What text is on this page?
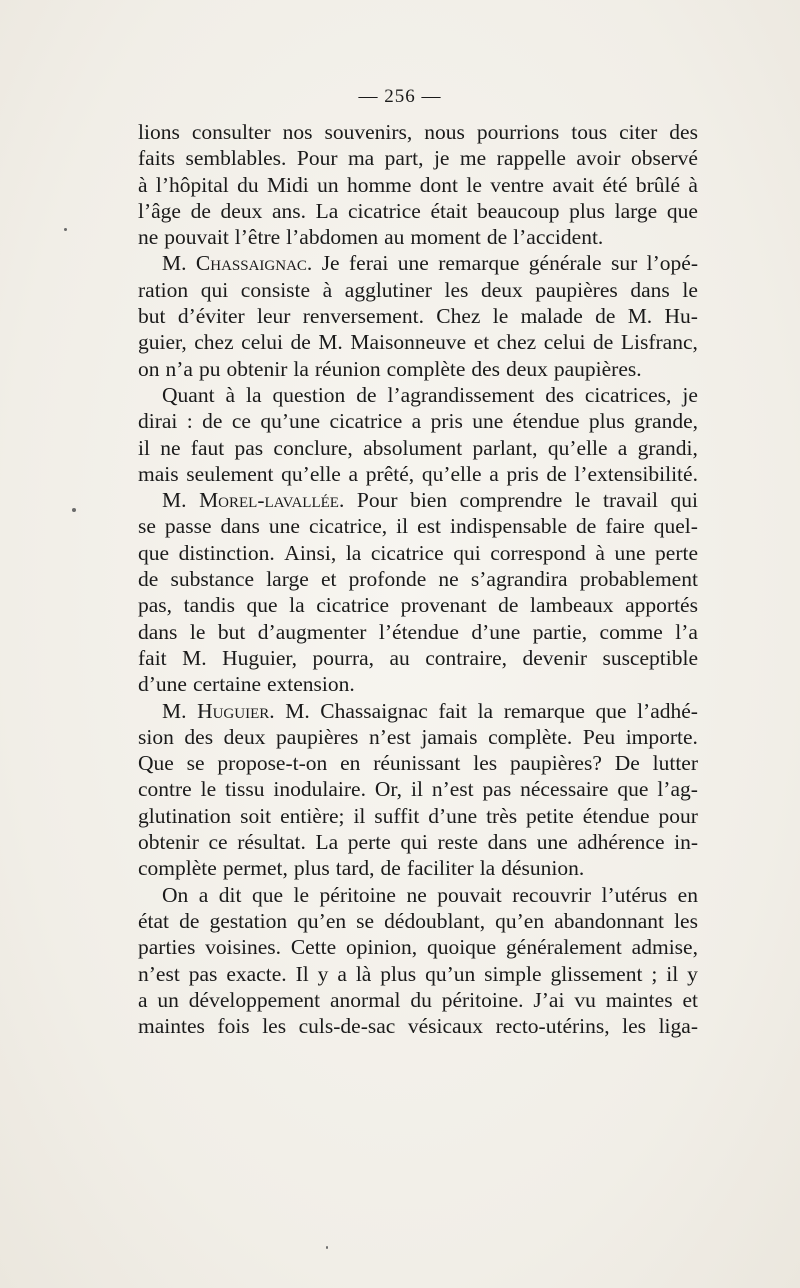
— 256 —
lions consulter nos souvenirs, nous pourrions tous citer des
faits semblables. Pour ma part, je me rappelle avoir observé
à l’hôpital du Midi un homme dont le ventre avait été brûlé à
l’âge de deux ans. La cicatrice était beaucoup plus large que
ne pouvait l’être l’abdomen au moment de l’accident.
M. Chassaignac. Je ferai une remarque générale sur l’opé-
ration qui consiste à agglutiner les deux paupières dans le
but d’éviter leur renversement. Chez le malade de M. Hu-
guier, chez celui de M. Maisonneuve et chez celui de Lisfranc,
on n’a pu obtenir la réunion complète des deux paupières.
Quant à la question de l’agrandissement des cicatrices, je
dirai : de ce qu’une cicatrice a pris une étendue plus grande,
il ne faut pas conclure, absolument parlant, qu’elle a grandi,
mais seulement qu’elle a prêté, qu’elle a pris de l’extensibilité.
M. Morel-lavallée. Pour bien comprendre le travail qui
se passe dans une cicatrice, il est indispensable de faire quel-
que distinction. Ainsi, la cicatrice qui correspond à une perte
de substance large et profonde ne s’agrandira probablement
pas, tandis que la cicatrice provenant de lambeaux apportés
dans le but d’augmenter l’étendue d’une partie, comme l’a
fait M. Huguier, pourra, au contraire, devenir susceptible
d’une certaine extension.
M. Huguier. M. Chassaignac fait la remarque que l’adhé-
sion des deux paupières n’est jamais complète. Peu importe.
Que se propose-t-on en réunissant les paupières? De lutter
contre le tissu inodulaire. Or, il n’est pas nécessaire que l’ag-
glutination soit entière; il suffit d’une très petite étendue pour
obtenir ce résultat. La perte qui reste dans une adhérence in-
complète permet, plus tard, de faciliter la désunion.
On a dit que le péritoine ne pouvait recouvrir l’utérus en
état de gestation qu’en se dédoublant, qu’en abandonnant les
parties voisines. Cette opinion, quoique généralement admise,
n’est pas exacte. Il y a là plus qu’un simple glissement ; il y
a un développement anormal du péritoine. J’ai vu maintes et
maintes fois les culs-de-sac vésicaux recto-utérins, les liga-
